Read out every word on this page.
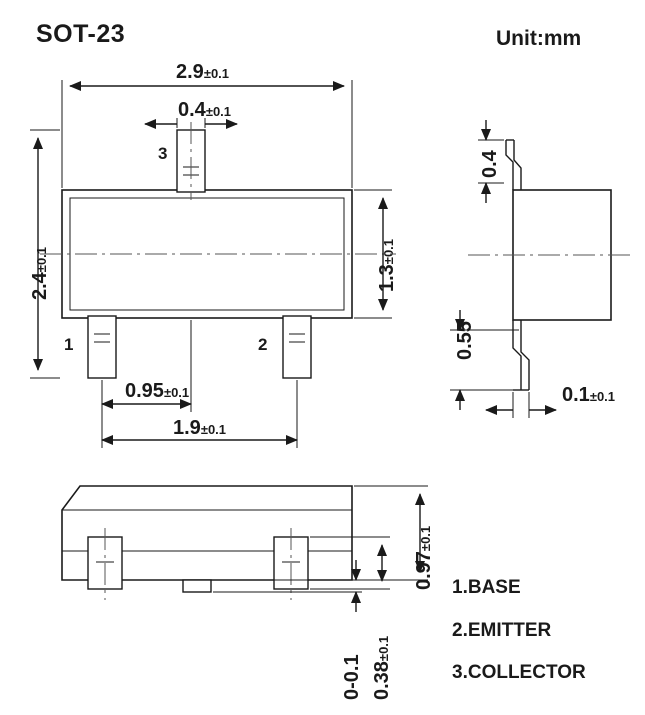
SOT-23	Unit:mm
2.9±0.1
0.4±0.1
2.4±0.1
1.3±0.1
0.95±0.1
1.9±0.1
3
1	2
0.4
0.55
0.1±0.1
0.97±0.1
0-0.1 0.38±0.1
1.BASE
2.EMITTER
3.COLLECTOR
